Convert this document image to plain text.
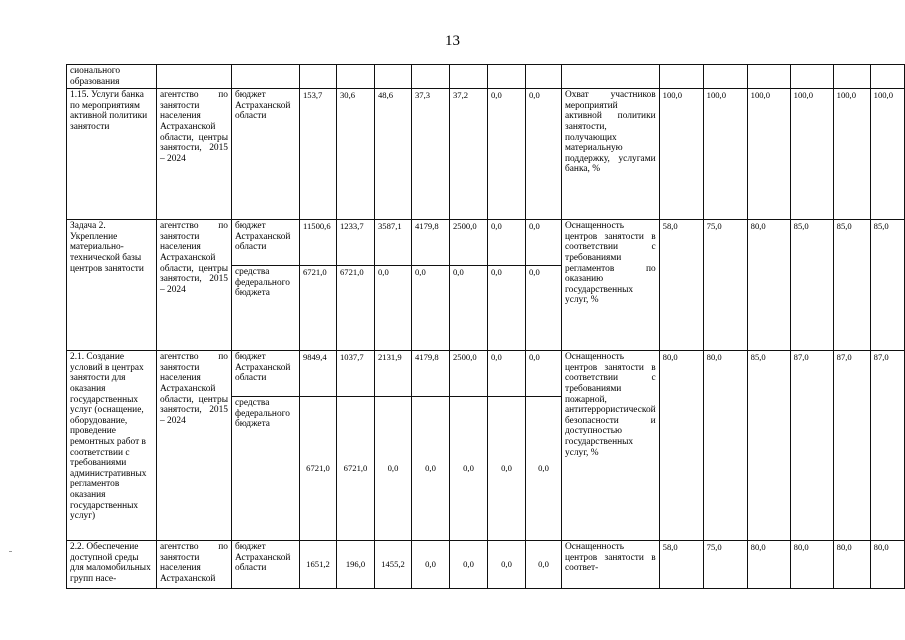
13
сионального образования																
1.15. Услуги банка по мероприятиям активной политики занятости	агентство по занятости населения Астраханской области, центры занятости, 2015 – 2024	бюджет Астраханской области	153,7	30,6	48,6	37,3	37,2	0,0	0,0	Охват участников мероприятий активной политики занятости, получающих материальную поддержку, услугами банка, %	100,0	100,0	100,0	100,0	100,0	100,0
Задача 2. Укрепление материально-технической базы центров занятости	агентство по занятости населения Астраханской области, центры занятости, 2015 – 2024	бюджет Астраханской области	11500,6	1233,7	3587,1	4179,8	2500,0	0,0	0,0	Оснащенность центров занятости в соответствии с требованиями регламентов по оказанию государственных услуг, %	58,0	75,0	80,0	85,0	85,0	85,0
		средства федерального бюджета	6721,0	6721,0	0,0	0,0	0,0	0,0	0,0							
2.1. Создание условий в центрах занятости для оказания государственных услуг (оснащение, оборудование, проведение ремонтных работ в соответствии с требованиями административных регламентов оказания государственных услуг)	агентство по занятости населения Астраханской области, центры занятости, 2015 – 2024	бюджет Астраханской области	9849,4	1037,7	2131,9	4179,8	2500,0	0,0	0,0	Оснащенность центров занятости в соответствии с требованиями пожарной, антитеррористической безопасности и доступностью государственных услуг, %	80,0	80,0	85,0	87,0	87,0	87,0
		средства федерального бюджета	6721,0	6721,0	0,0	0,0	0,0	0,0	0,0							
2.2. Обеспечение доступной среды для маломобильных групп насе-	агентство по занятости населения Астраханской	бюджет Астраханской области	1651,2	196,0	1455,2	0,0	0,0	0,0	0,0	Оснащенность центров занятости в соответ-	58,0	75,0	80,0	80,0	80,0	80,0
